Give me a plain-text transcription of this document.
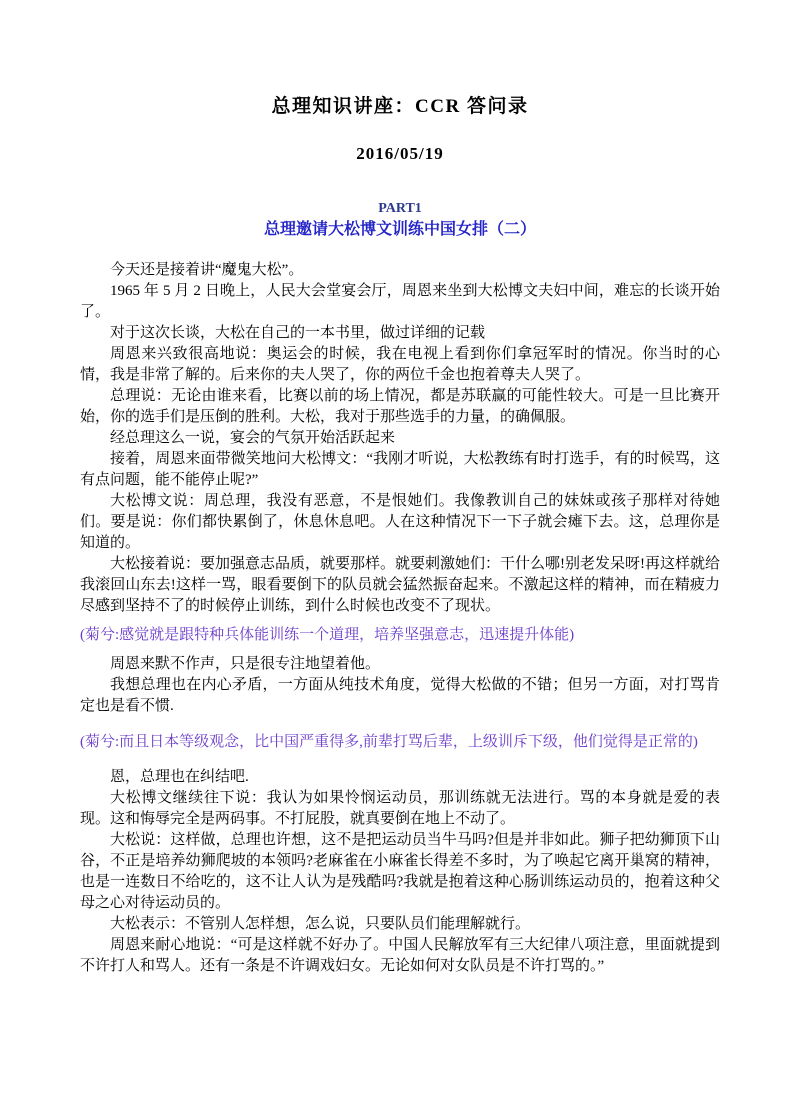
总理知识讲座：CCR 答问录
2016/05/19
PART1
总理邀请大松博文训练中国女排（二）

今天还是接着讲“魔鬼大松”。

1965 年 5 月 2 日晚上，人民大会堂宴会厅，周恩来坐到大松博文夫妇中间，难忘的长谈开始了。

对于这次长谈，大松在自己的一本书里，做过详细的记载

周恩来兴致很高地说：奥运会的时候，我在电视上看到你们拿冠军时的情况。你当时的心情，我是非常了解的。后来你的夫人哭了，你的两位千金也抱着尊夫人哭了。

总理说：无论由谁来看，比赛以前的场上情况，都是苏联赢的可能性较大。可是一旦比赛开始，你的选手们是压倒的胜利。大松，我对于那些选手的力量，的确佩服。

经总理这么一说，宴会的气氛开始活跃起来

接着，周恩来面带微笑地问大松博文：“我刚才听说，大松教练有时打选手，有的时候骂，这有点问题，能不能停止呢?”

大松博文说：周总理，我没有恶意，不是恨她们。我像教训自己的妹妹或孩子那样对待她们。要是说：你们都快累倒了，休息休息吧。人在这种情况下一下子就会瘫下去。这，总理你是知道的。

大松接着说：要加强意志品质，就要那样。就要刺激她们：干什么哪!别老发呆呀!再这样就给我滚回山东去!这样一骂，眼看要倒下的队员就会猛然振奋起来。不激起这样的精神，而在精疲力尽感到坚持不了的时候停止训练，到什么时候也改变不了现状。

(菊兮:感觉就是跟特种兵体能训练一个道理，培养坚强意志，迅速提升体能)

周恩来默不作声，只是很专注地望着他。

我想总理也在内心矛盾，一方面从纯技术角度，觉得大松做的不错；但另一方面，对打骂肯定也是看不惯.

(菊兮:而且日本等级观念，比中国严重得多,前辈打骂后辈，上级训斥下级，他们觉得是正常的)

恩，总理也在纠结吧.

大松博文继续往下说：我认为如果怜悯运动员，那训练就无法进行。骂的本身就是爱的表现。这和悔辱完全是两码事。不打屁股，就真要倒在地上不动了。

大松说：这样做，总理也许想，这不是把运动员当牛马吗?但是并非如此。狮子把幼狮顶下山谷，不正是培养幼狮爬坡的本领吗?老麻雀在小麻雀长得差不多时，为了唤起它离开巢窝的精神，也是一连数日不给吃的，这不让人认为是残酷吗?我就是抱着这种心肠训练运动员的，抱着这种父母之心对待运动员的。

大松表示：不管别人怎样想，怎么说，只要队员们能理解就行。

周恩来耐心地说：“可是这样就不好办了。中国人民解放军有三大纪律八项注意，里面就提到不许打人和骂人。还有一条是不许调戏妇女。无论如何对女队员是不许打骂的。”
